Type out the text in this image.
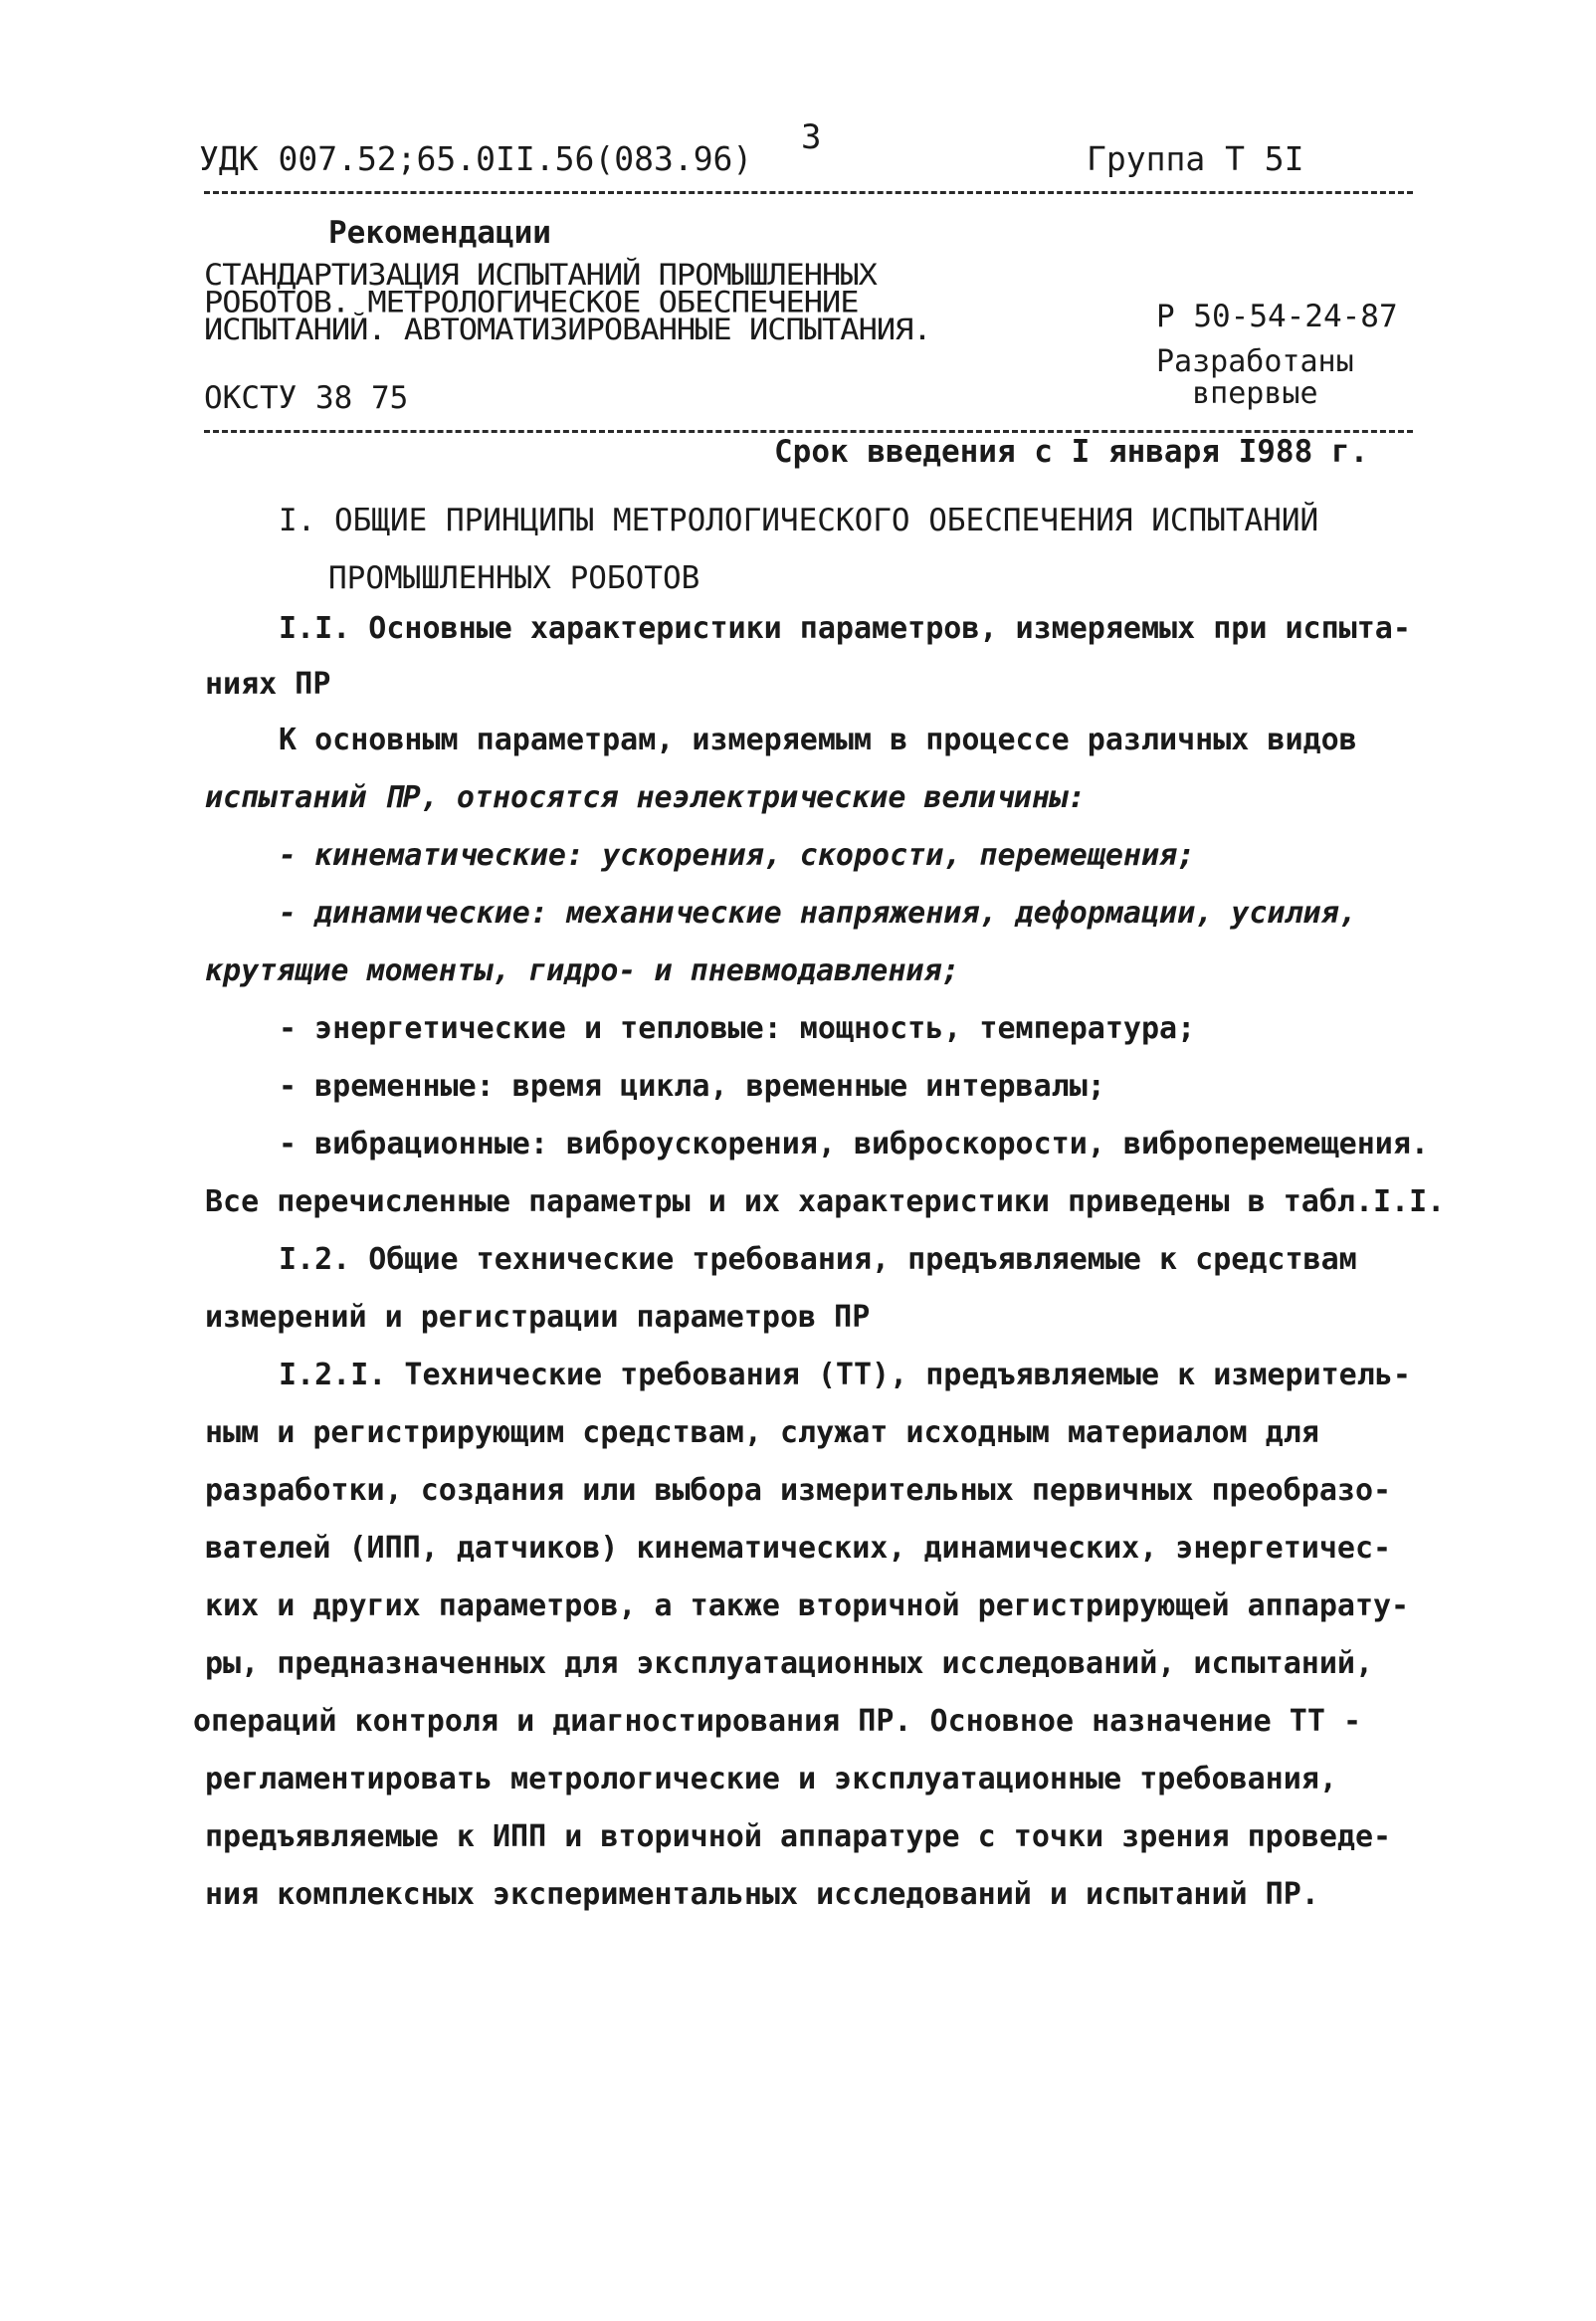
УДК 007.52;65.0II.56(083.96)
3
Группа Т 5I
Рекомендации
СТАНДАРТИЗАЦИЯ ИСПЫТАНИЙ ПРОМЫШЛЕННЫХ
РОБОТОВ. МЕТРОЛОГИЧЕСКОЕ ОБЕСПЕЧЕНИЕ
ИСПЫТАНИЙ. АВТОМАТИЗИРОВАННЫЕ ИСПЫТАНИЯ.	Р 50-54-24-87
Разработаны
впервые
ОКСТУ 38 75
Срок введения с I января I988 г.
I. ОБЩИЕ ПРИНЦИПЫ МЕТРОЛОГИЧЕСКОГО ОБЕСПЕЧЕНИЯ ИСПЫТАНИЙ
ПРОМЫШЛЕННЫХ РОБОТОВ
I.I. Основные характеристики параметров, измеряемых при испыта-
ниях ПР
К основным параметрам, измеряемым в процессе различных видов
испытаний ПР, относятся неэлектрические величины:
- кинематические: ускорения, скорости, перемещения;
- динамические: механические напряжения, деформации, усилия,
крутящие моменты, гидро- и пневмодавления;
- энергетические и тепловые: мощность, температура;
- временные: время цикла, временные интервалы;
- вибрационные: виброускорения, виброскорости, виброперемещения.
Все перечисленные параметры и их характеристики приведены в табл.I.I.
I.2. Общие технические требования, предъявляемые к средствам
измерений и регистрации параметров ПР
I.2.I. Технические требования (ТТ), предъявляемые к измеритель-
ным и регистрирующим средствам, служат исходным материалом для
разработки, создания или выбора измерительных первичных преобразо-
вателей (ИПП, датчиков) кинематических, динамических, энергетичес-
ких и других параметров, а также вторичной регистрирующей аппарату-
ры, предназначенных для эксплуатационных исследований, испытаний,
операций контроля и диагностирования ПР. Основное назначение ТТ -
регламентировать метрологические и эксплуатационные требования,
предъявляемые к ИПП и вторичной аппаратуре с точки зрения проведе-
ния комплексных экспериментальных исследований и испытаний ПР.
